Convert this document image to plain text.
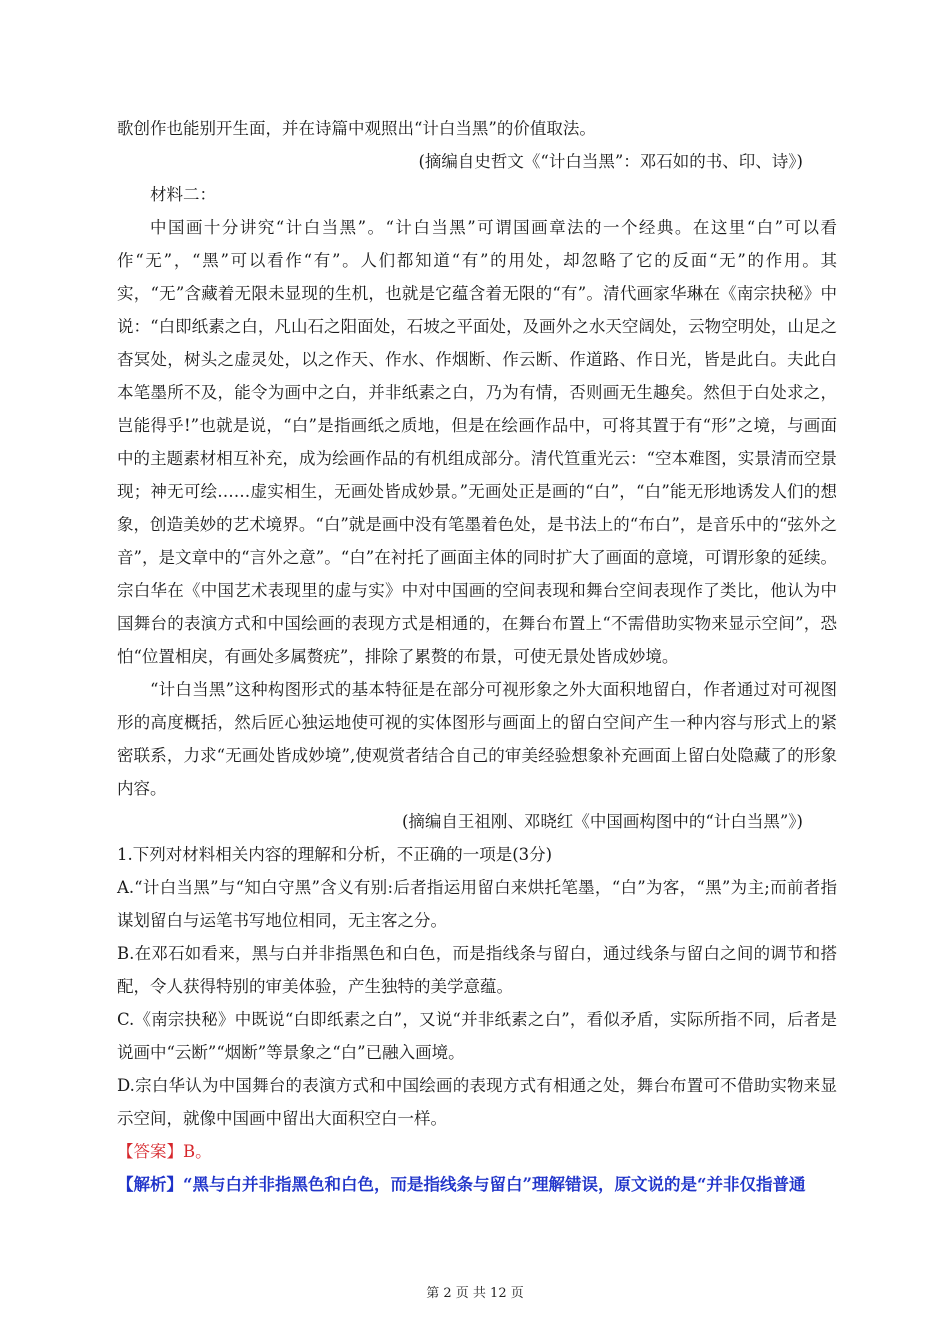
歌创作也能别开生面，并在诗篇中观照出“计白当黑”的价值取法。

(摘编自史哲文《“计白当黑”：邓石如的书、印、诗》)

材料二：

中国画十分讲究“计白当黑”。“计白当黑”可谓国画章法的一个经典。在这里“白”可以看作“无”，“黑”可以看作“有”。人们都知道“有”的用处，却忽略了它的反面“无”的作用。其实，“无”含藏着无限未显现的生机，也就是它蕴含着无限的“有”。清代画家华琳在《南宗抉秘》中说：“白即纸素之白，凡山石之阳面处，石坡之平面处，及画外之水天空阔处，云物空明处，山足之杳冥处，树头之虚灵处，以之作天、作水、作烟断、作云断、作道路、作日光，皆是此白。夫此白本笔墨所不及，能令为画中之白，并非纸素之白，乃为有情，否则画无生趣矣。然但于白处求之，岂能得乎!”也就是说，“白”是指画纸之质地，但是在绘画作品中，可将其置于有“形”之境，与画面中的主题素材相互补充，成为绘画作品的有机组成部分。清代笪重光云：“空本难图，实景清而空景现；神无可绘……虚实相生，无画处皆成妙景。”无画处正是画的“白”，“白”能无形地诱发人们的想象，创造美妙的艺术境界。“白”就是画中没有笔墨着色处，是书法上的“布白”，是音乐中的“弦外之音”，是文章中的“言外之意”。“白”在衬托了画面主体的同时扩大了画面的意境，可谓形象的延续。宗白华在《中国艺术表现里的虚与实》中对中国画的空间表现和舞台空间表现作了类比，他认为中国舞台的表演方式和中国绘画的表现方式是相通的，在舞台布置上“不需借助实物来显示空间”，恐怕“位置相戾，有画处多属赘疣”，排除了累赘的布景，可使无景处皆成妙境。

“计白当黑”这种构图形式的基本特征是在部分可视形象之外大面积地留白，作者通过对可视图形的高度概括，然后匠心独运地使可视的实体图形与画面上的留白空间产生一种内容与形式上的紧密联系，力求“无画处皆成妙境”,使观赏者结合自己的审美经验想象补充画面上留白处隐藏了的形象内容。

(摘编自王祖刚、邓晓红《中国画构图中的“计白当黑”》)

1.下列对材料相关内容的理解和分析，不正确的一项是(3分)

A.“计白当黑”与“知白守黑”含义有别:后者指运用留白来烘托笔墨，“白”为客，“黑”为主;而前者指谋划留白与运笔书写地位相同，无主客之分。

B.在邓石如看来，黑与白并非指黑色和白色，而是指线条与留白，通过线条与留白之间的调节和搭配，令人获得特别的审美体验，产生独特的美学意蕴。

C.《南宗抉秘》中既说“白即纸素之白”，又说“并非纸素之白”，看似矛盾，实际所指不同，后者是说画中“云断”“烟断”等景象之“白”已融入画境。

D.宗白华认为中国舞台的表演方式和中国绘画的表现方式有相通之处，舞台布置可不借助实物来显示空间，就像中国画中留出大面积空白一样。

【答案】B。

【解析】“黑与白并非指黑色和白色，而是指线条与留白”理解错误，原文说的是“并非仅指普通

第 2 页 共 12 页
